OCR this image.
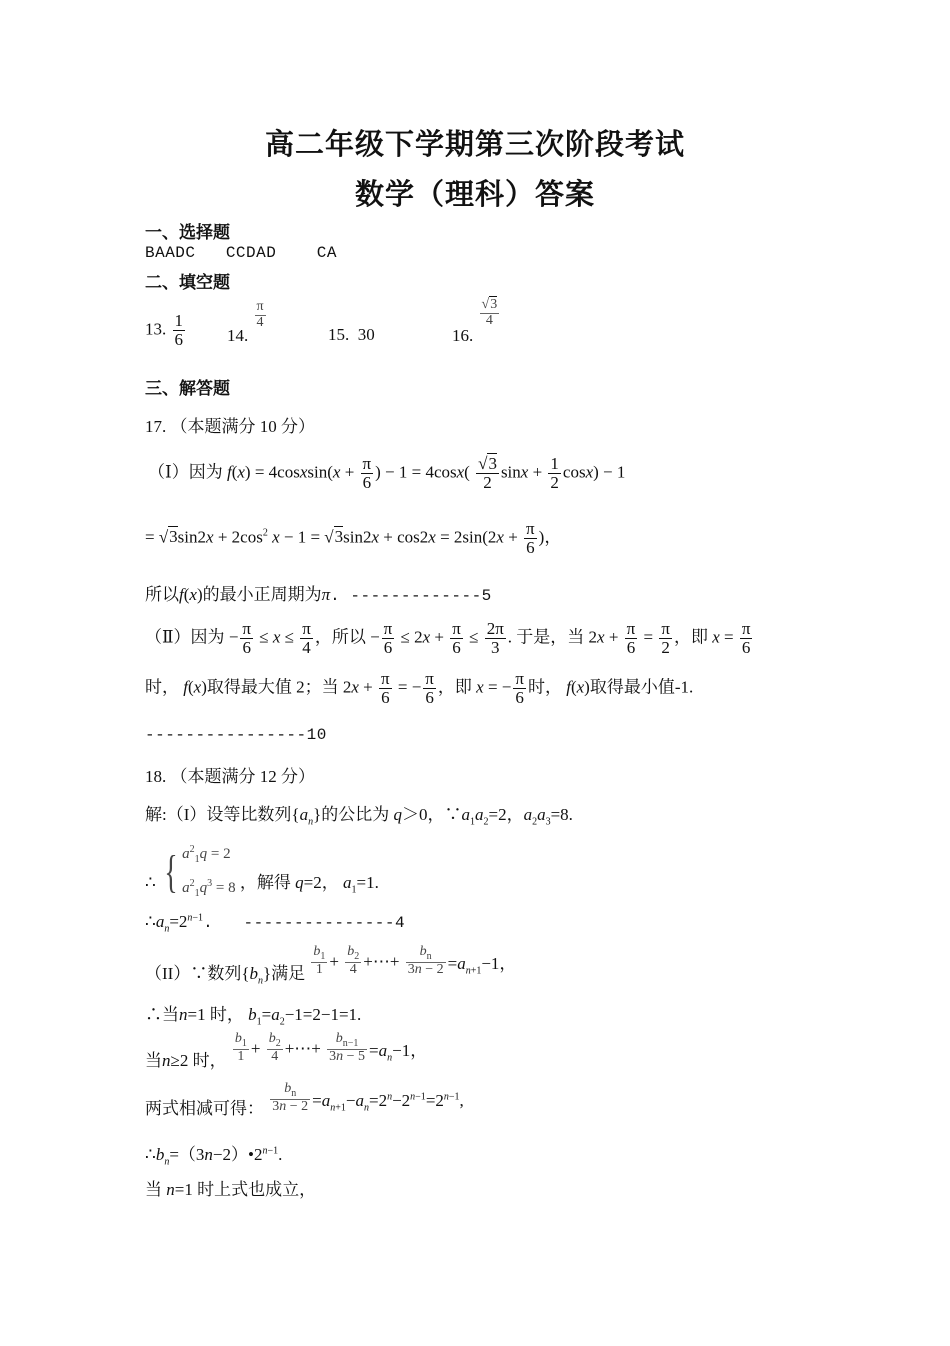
高二年级下学期第三次阶段考试
数学（理科）答案
一、选择题
BAADC   CCDAD    CA
二、填空题
13. $\frac{1}{6} 14$.
$\frac{\pi}{4}$
15.  30	16.
$\frac{√3}{4}$
三、解答题
17. （本题满分 10 分）
（Ⅰ）因为 f(x) = 4cosxsin(x + $\frac{\pi}{6}$ ) − $1 = 4\cos x( \frac{√3}{2}$ $\sin x + \frac{1}{2} \cos x) - 1$
= $√3\sin 2x + 2\cos^2$ $x - 1 = √3\sin 2x + \cos 2x = 2\sin(2x + \frac{\pi}{6}$ )，
所以f(x)的最小正周期为π. -------------5
（Ⅱ）因为 − $\frac{\pi}{6} \le x \le \frac{\pi}{4}$ ，所以 − $\frac{\pi}{6} \le 2x + \frac{\pi}{6} \le \frac{2\pi}{3}$ . 于是，当 $2x + \frac{\pi}{6} = \frac{\pi}{2}$ ，即 $x = \frac{\pi}{6}$
时， f(x)取得最大值 2；当 $2x + \frac{\pi}{6}$ = − $\frac{\pi}{6}$ ，即 x = − $\frac{\pi}{6}$ 时， f(x)取得最小值-1.
----------------10
18. （本题满分 12 分）
解:（I）设等比数列$\{a_n\}$的公比为 q＞0，$\because a_1a_2=2$，$a_2a_3=8$.
∴ { $a^2_1q = 2$
$a^2_1q^3 = 8$ ，解得 q=2， $a_1=1$.
$\therefore a_n=2^{n-1}$.   ---------------4
（II）∵数列$\{b_n\}$满足 $\frac{b_1}{1} + \frac{b_2}{4}$ +⋯+ $\frac{b_n}{3n - 2} =a_{n+1}-1$，
∴当n=1 时， $b_1=a_2-1=2-1=1$.
当n≥2 时， $\frac{b_1}{1} + \frac{b_2}{4}$ +⋯+ $\frac{b_{n-1}}{3n - 5} =a_n-1$，
两式相减可得： $\frac{b_n}{3n - 2} =a_{n+1}-a_n=2^n-2^{n-1}=2^{n-1}$,
$\therefore b_n=(3n-2)•2^{n-1}$.
当 n=1 时上式也成立，
